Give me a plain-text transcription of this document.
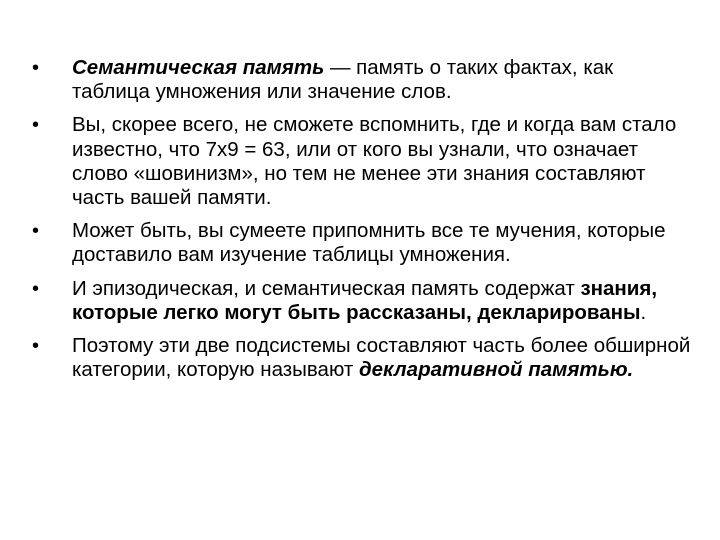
• Семантическая память — память о таких фактах, как таблица умножения или значение слов.
• Вы, скорее всего, не сможете вспомнить, где и когда вам стало известно, что 7х9 = 63, или от кого вы узнали, что означает слово «шовинизм», но тем не менее эти знания составляют часть вашей памяти.
• Может быть, вы сумеете припомнить все те мучения, которые доставило вам изучение таблицы умножения.
• И эпизодическая, и семантическая память содержат знания, которые легко могут быть рассказаны, декларированы.
• Поэтому эти две подсистемы составляют часть более обширной категории, которую называют декларативной памятью.
